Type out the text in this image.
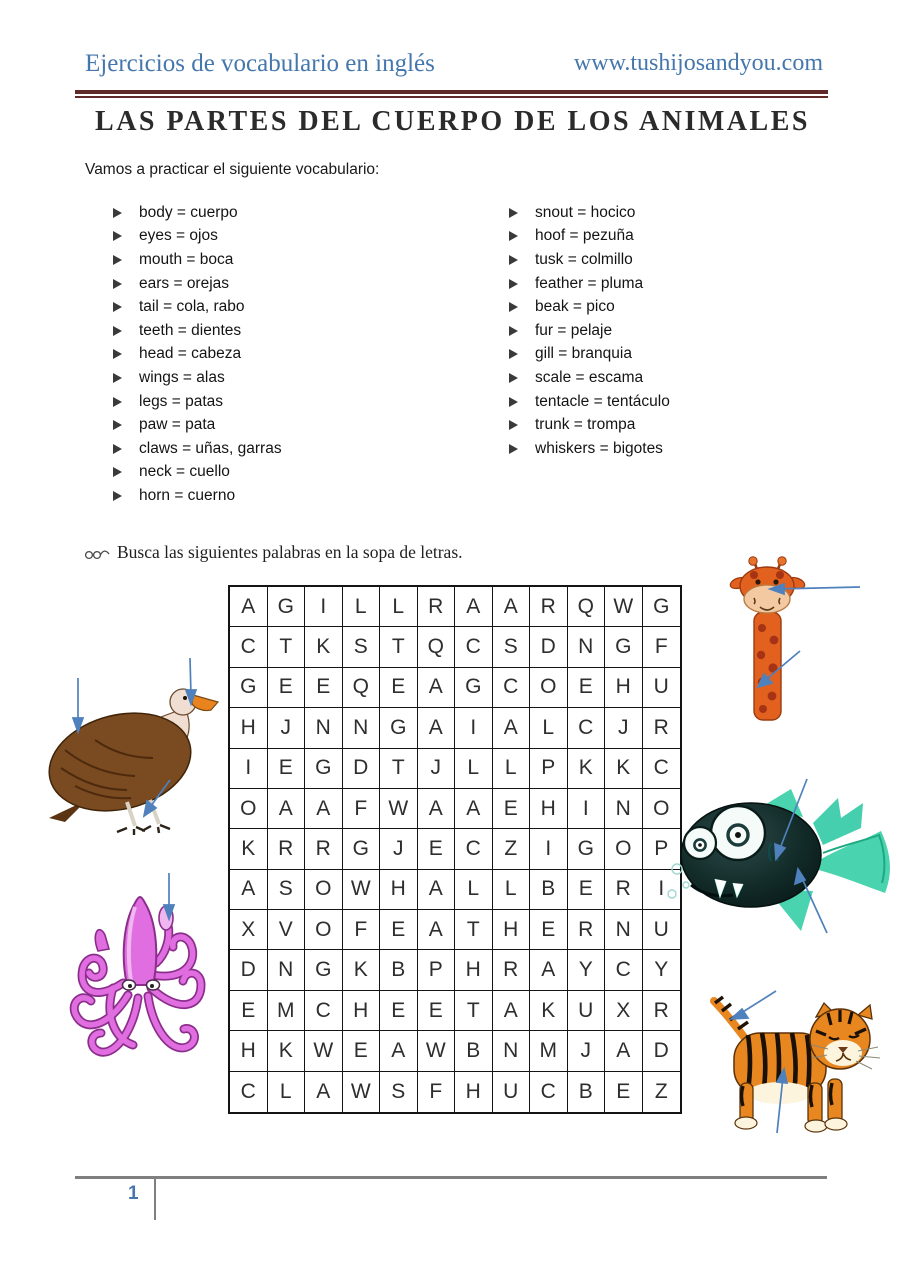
Ejercicios de vocabulario en inglés	www.tushijosandyou.com
LAS PARTES DEL CUERPO DE LOS ANIMALES
Vamos a practicar el siguiente vocabulario:
body = cuerpo
eyes = ojos
mouth = boca
ears = orejas
tail = cola, rabo
teeth = dientes
head = cabeza
wings = alas
legs = patas
paw = pata
claws = uñas, garras
neck = cuello
horn = cuerno
snout = hocico
hoof = pezuña
tusk = colmillo
feather = pluma
beak = pico
fur = pelaje
gill = branquia
scale = escama
tentacle = tentáculo
trunk = trompa
whiskers = bigotes
Busca las siguientes palabras en la sopa de letras.
A	G	I	L	L	R	A	A	R	Q W G
C	T	K	S	T	Q	C	S	D	N	G	F
G	E	E	Q	E	A	G	C	O	E	H	U
H	J	N	N	G	A	I	A	L	C	J	R
I	E	G	D	T	J	L	L	P	K	K	C
O	A	A	F	W A	A	E	H	I	N	O
K	R	R	G	J	E	C	Z	I	G	O	P
A	S	O W H	A	L	L	B	E	R	I
X	V	O	F	E	A	T	H	E	R	N	U
D	N	G	K	B	P	H	R	A	Y	C	Y
E	M	C	H	E	E	T	A	K	U	X	R
H	K W E	A W B	N	M	J	A	D
C	L	A W S	F	H	U	C	B	E	Z
1
